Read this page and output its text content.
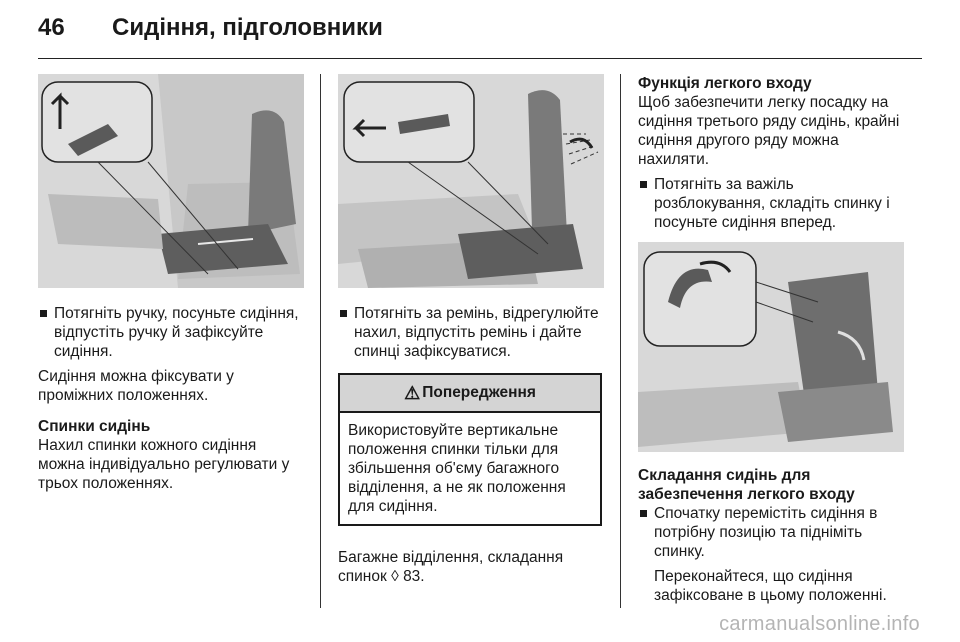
46	Сидіння, підголовники
Потягніть ручку, посуньте сидіння, відпустіть ручку й зафіксуйте сидіння.
Сидіння можна фіксувати у проміжних положеннях.
Спинки сидінь
Нахил спинки кожного сидіння можна індивідуально регулювати у трьох положеннях.
Потягніть за ремінь, відрегулюйте нахил, відпустіть ремінь і дайте спинці зафіксуватися.
⚠ Попередження
Використовуйте вертикальне положення спинки тільки для збільшення об'єму багажного відділення, а не як положення для сидіння.
Багажне відділення, складання спинок ◊ 83.
Функція легкого входу
Щоб забезпечити легку посадку на сидіння третього ряду сидінь, крайні сидіння другого ряду можна нахиляти.
Потягніть за важіль розблокування, складіть спинку і посуньте сидіння вперед.
Складання сидінь для забезпечення легкого входу
Спочатку перемістіть сидіння в потрібну позицію та підніміть спинку.
Переконайтеся, що сидіння зафіксоване в цьому положенні.
carmanualsonline.info
